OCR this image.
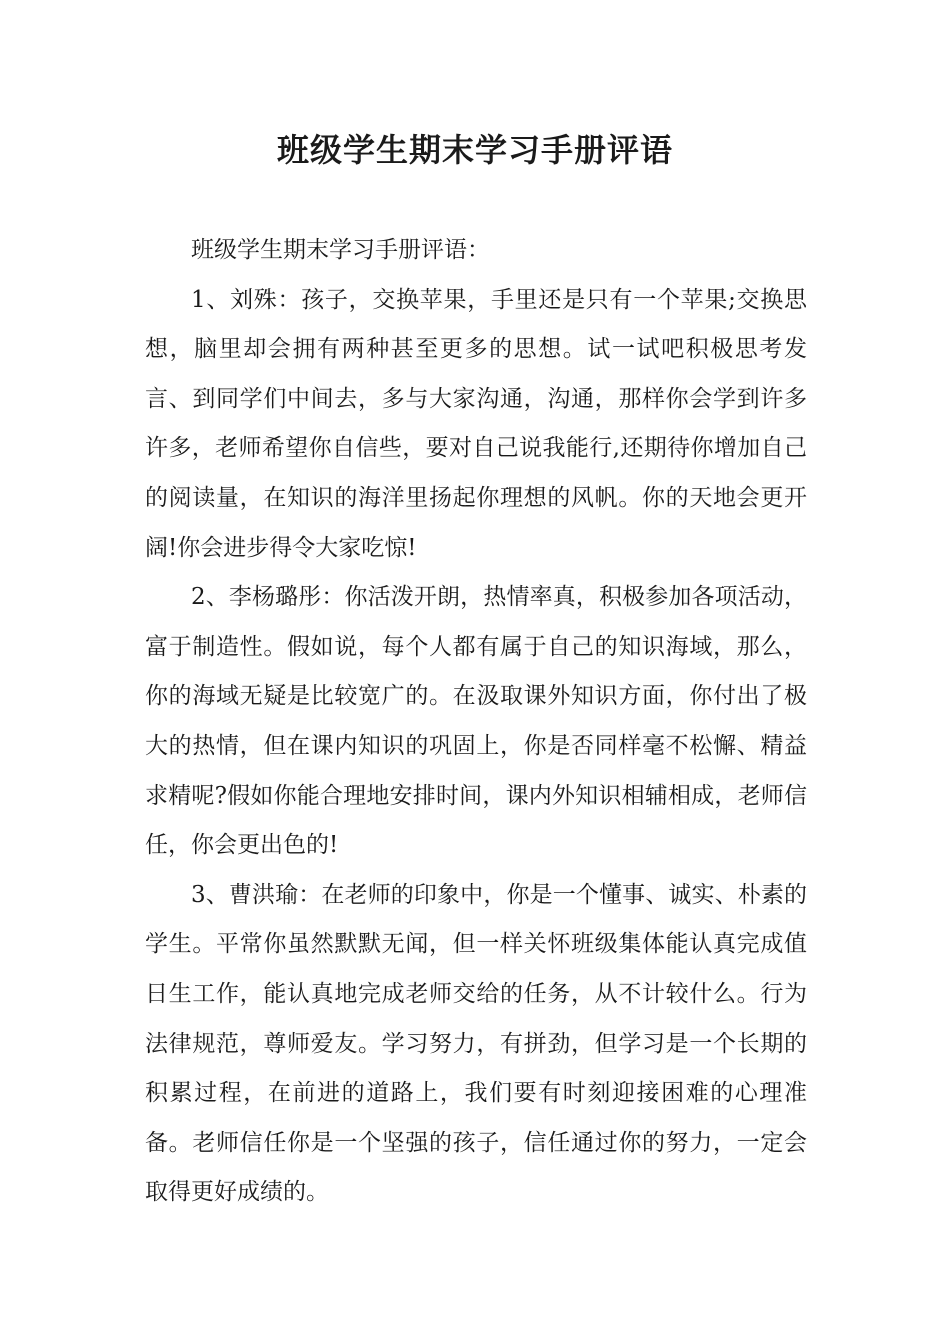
班级学生期末学习手册评语

班级学生期末学习手册评语：

1、刘殊：孩子，交换苹果，手里还是只有一个苹果;交换思想，脑里却会拥有两种甚至更多的思想。试一试吧积极思考发言、到同学们中间去，多与大家沟通，沟通，那样你会学到许多许多，老师希望你自信些，要对自己说我能行,还期待你增加自己的阅读量，在知识的海洋里扬起你理想的风帆。你的天地会更开阔!你会进步得令大家吃惊!

2、李杨璐彤：你活泼开朗，热情率真，积极参加各项活动，富于制造性。假如说，每个人都有属于自己的知识海域，那么，你的海域无疑是比较宽广的。在汲取课外知识方面，你付出了极大的热情，但在课内知识的巩固上，你是否同样毫不松懈、精益求精呢?假如你能合理地安排时间，课内外知识相辅相成，老师信任，你会更出色的!

3、曹洪瑜：在老师的印象中，你是一个懂事、诚实、朴素的学生。平常你虽然默默无闻，但一样关怀班级集体能认真完成值日生工作，能认真地完成老师交给的任务，从不计较什么。行为法律规范，尊师爱友。学习努力，有拼劲，但学习是一个长期的积累过程，在前进的道路上，我们要有时刻迎接困难的心理准备。老师信任你是一个坚强的孩子，信任通过你的努力，一定会取得更好成绩的。
